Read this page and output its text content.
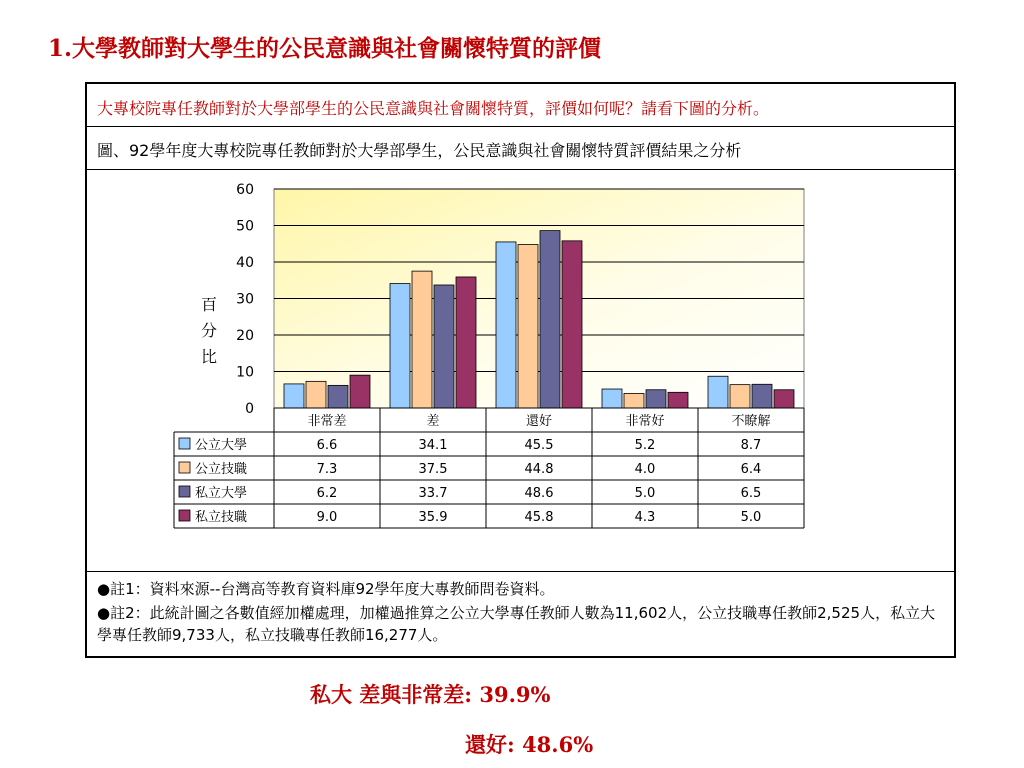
1.大學教師對大學生的公民意識與社會關懷特質的評價
大專校院專任教師對於大學部學生的公民意識與社會關懷特質，評價如何呢？請看下圖的分析。
圖、92學年度大專校院專任教師對於大學部學生，公民意識與社會關懷特質評價結果之分析
0
10
20
30
40
50
60
百
分
比
非常差	差	還好	非常好	不瞭解
公立大學	6.6	34.1	45.5	5.2	8.7
公立技職	7.3	37.5	44.8	4.0	6.4
私立大學	6.2	33.7	48.6	5.0	6.5
私立技職	9.0	35.9	45.8	4.3	5.0
●註1：資料來源--台灣高等教育資料庫92學年度大專教師問卷資料。
●註2：此統計圖之各數值經加權處理，加權過推算之公立大學專任教師人數為11,602人，公立技職專任教師2,525人，私立大學專任教師9,733人，私立技職專任教師16,277人。
私大 差與非常差: 39.9%
還好: 48.6%
